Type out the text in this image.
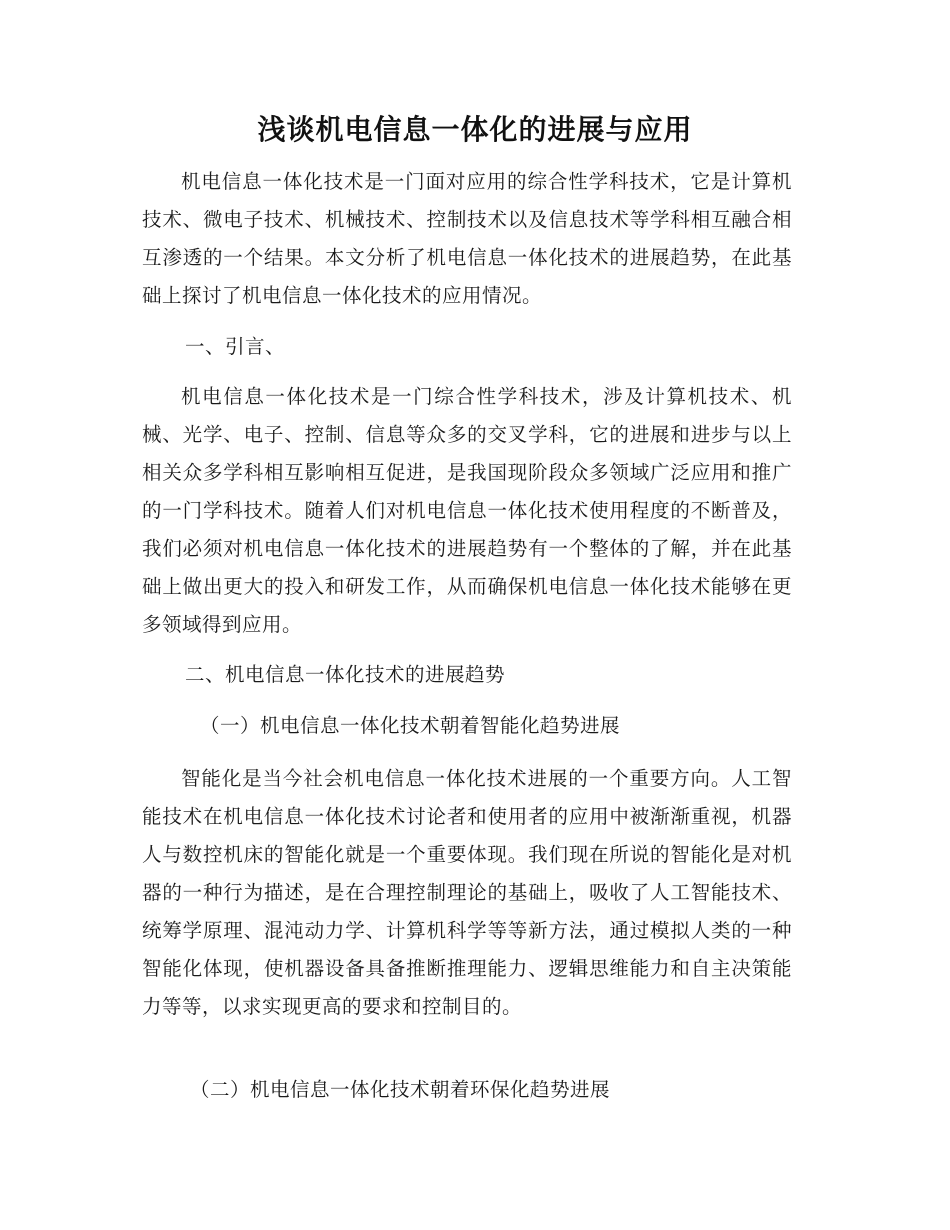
浅谈机电信息一体化的进展与应用

机电信息一体化技术是一门面对应用的综合性学科技术，它是计算机技术、微电子技术、机械技术、控制技术以及信息技术等学科相互融合相互渗透的一个结果。本文分析了机电信息一体化技术的进展趋势，在此基础上探讨了机电信息一体化技术的应用情况。

一、引言、

机电信息一体化技术是一门综合性学科技术，涉及计算机技术、机械、光学、电子、控制、信息等众多的交叉学科，它的进展和进步与以上相关众多学科相互影响相互促进，是我国现阶段众多领域广泛应用和推广的一门学科技术。随着人们对机电信息一体化技术使用程度的不断普及，我们必须对机电信息一体化技术的进展趋势有一个整体的了解，并在此基础上做出更大的投入和研发工作，从而确保机电信息一体化技术能够在更多领域得到应用。

二、机电信息一体化技术的进展趋势

（一）机电信息一体化技术朝着智能化趋势进展

智能化是当今社会机电信息一体化技术进展的一个重要方向。人工智能技术在机电信息一体化技术讨论者和使用者的应用中被渐渐重视，机器人与数控机床的智能化就是一个重要体现。我们现在所说的智能化是对机器的一种行为描述，是在合理控制理论的基础上，吸收了人工智能技术、统筹学原理、混沌动力学、计算机科学等等新方法，通过模拟人类的一种智能化体现，使机器设备具备推断推理能力、逻辑思维能力和自主决策能力等等，以求实现更高的要求和控制目的。

（二）机电信息一体化技术朝着环保化趋势进展
